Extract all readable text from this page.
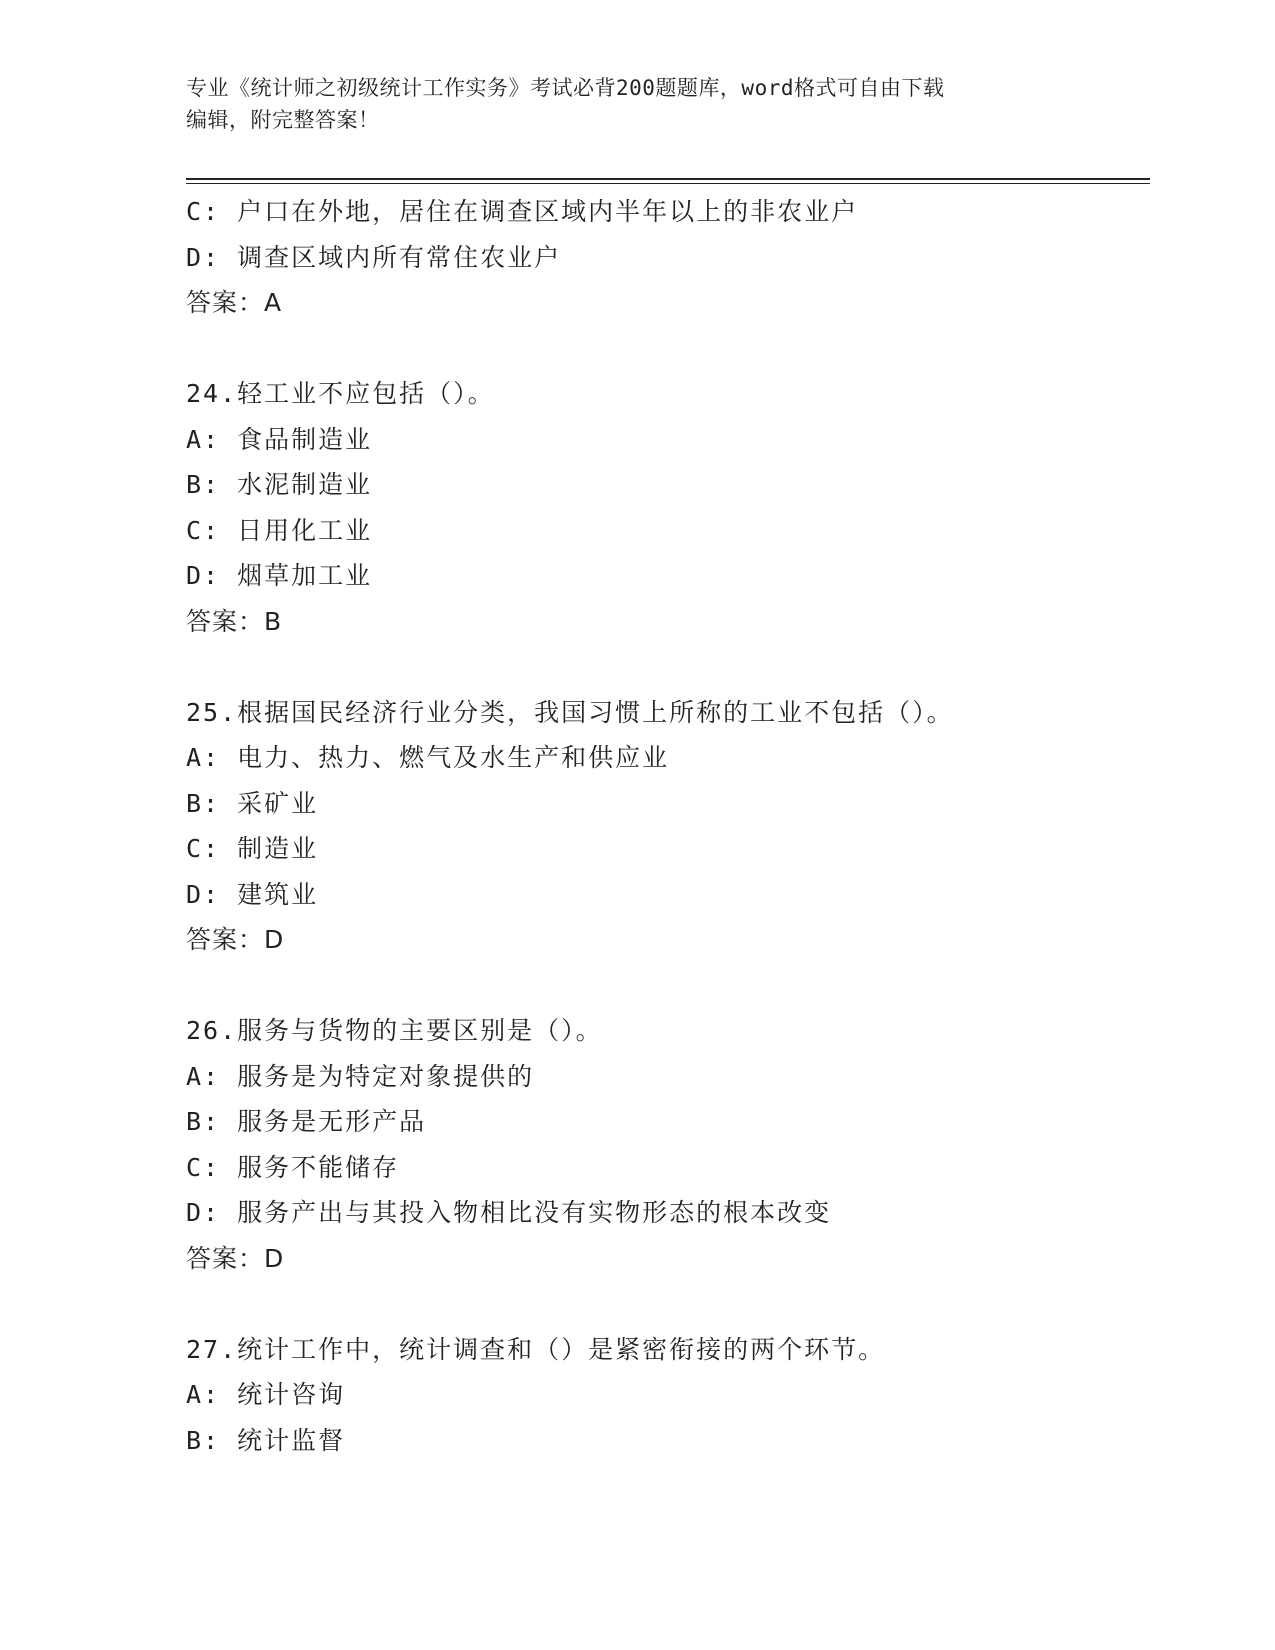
专业《统计师之初级统计工作实务》考试必背200题题库，word格式可自由下载
编辑，附完整答案！
C: 户口在外地，居住在调查区域内半年以上的非农业户
D: 调查区域内所有常住农业户
答案：A
24.轻工业不应包括（）。
A: 食品制造业
B: 水泥制造业
C: 日用化工业
D: 烟草加工业
答案：B
25.根据国民经济行业分类，我国习惯上所称的工业不包括（）。
A: 电力、热力、燃气及水生产和供应业
B: 采矿业
C: 制造业
D: 建筑业
答案：D
26.服务与货物的主要区别是（）。
A: 服务是为特定对象提供的
B: 服务是无形产品
C: 服务不能储存
D: 服务产出与其投入物相比没有实物形态的根本改变
答案：D
27.统计工作中，统计调查和（）是紧密衔接的两个环节。
A: 统计咨询
B: 统计监督
